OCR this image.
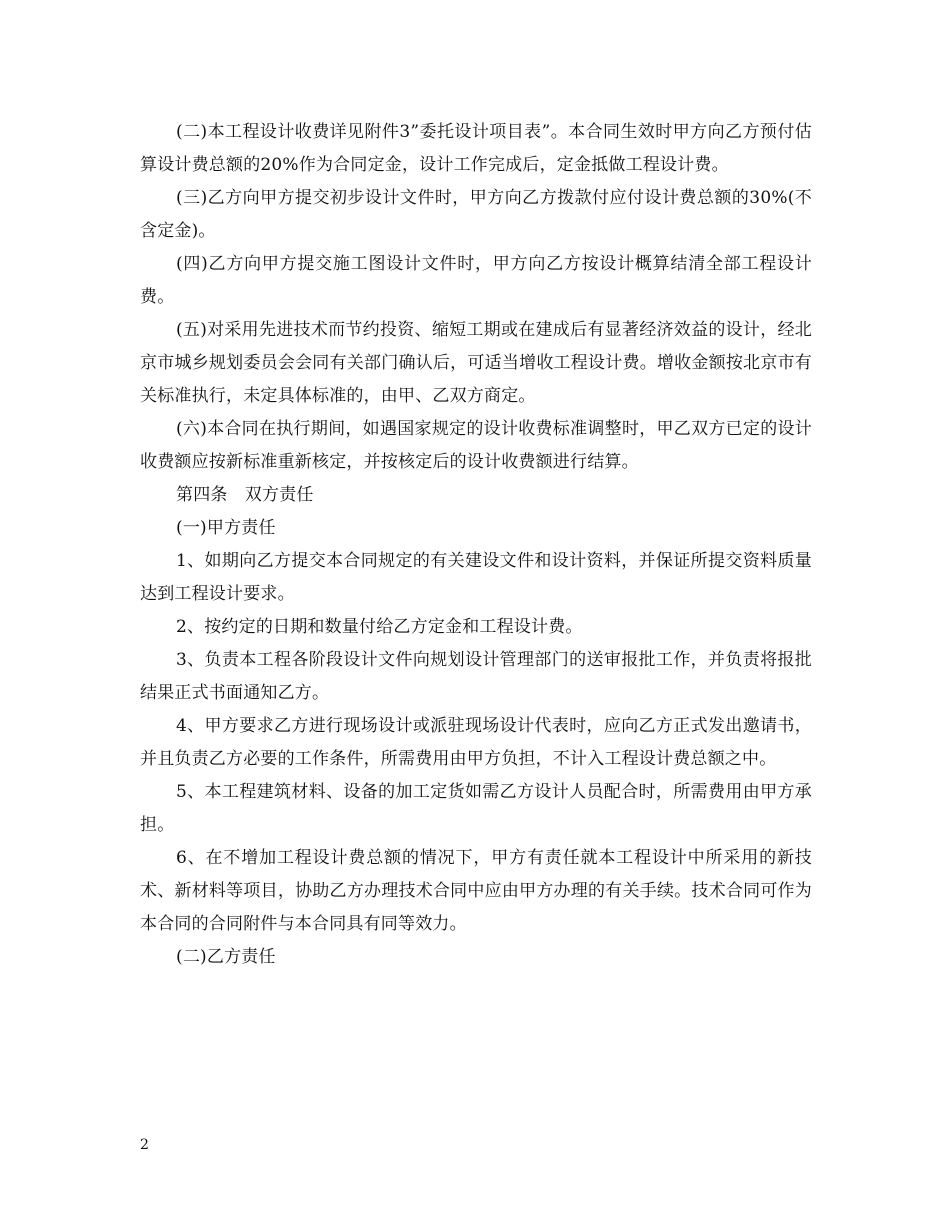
(二)本工程设计收费详见附件3”委托设计项目表”。本合同生效时甲方向乙方预付估算设计费总额的20%作为合同定金，设计工作完成后，定金抵做工程设计费。

(三)乙方向甲方提交初步设计文件时，甲方向乙方拨款付应付设计费总额的30%(不含定金)。

(四)乙方向甲方提交施工图设计文件时，甲方向乙方按设计概算结清全部工程设计费。

(五)对采用先进技术而节约投资、缩短工期或在建成后有显著经济效益的设计，经北京市城乡规划委员会会同有关部门确认后，可适当增收工程设计费。增收金额按北京市有关标准执行，未定具体标准的，由甲、乙双方商定。

(六)本合同在执行期间，如遇国家规定的设计收费标准调整时，甲乙双方已定的设计收费额应按新标准重新核定，并按核定后的设计收费额进行结算。

第四条　双方责任

(一)甲方责任

1、如期向乙方提交本合同规定的有关建设文件和设计资料，并保证所提交资料质量达到工程设计要求。

2、按约定的日期和数量付给乙方定金和工程设计费。

3、负责本工程各阶段设计文件向规划设计管理部门的送审报批工作，并负责将报批结果正式书面通知乙方。

4、甲方要求乙方进行现场设计或派驻现场设计代表时，应向乙方正式发出邀请书，并且负责乙方必要的工作条件，所需费用由甲方负担，不计入工程设计费总额之中。

5、本工程建筑材料、设备的加工定货如需乙方设计人员配合时，所需费用由甲方承担。

6、在不增加工程设计费总额的情况下，甲方有责任就本工程设计中所采用的新技术、新材料等项目，协助乙方办理技术合同中应由甲方办理的有关手续。技术合同可作为本合同的合同附件与本合同具有同等效力。

(二)乙方责任

2
